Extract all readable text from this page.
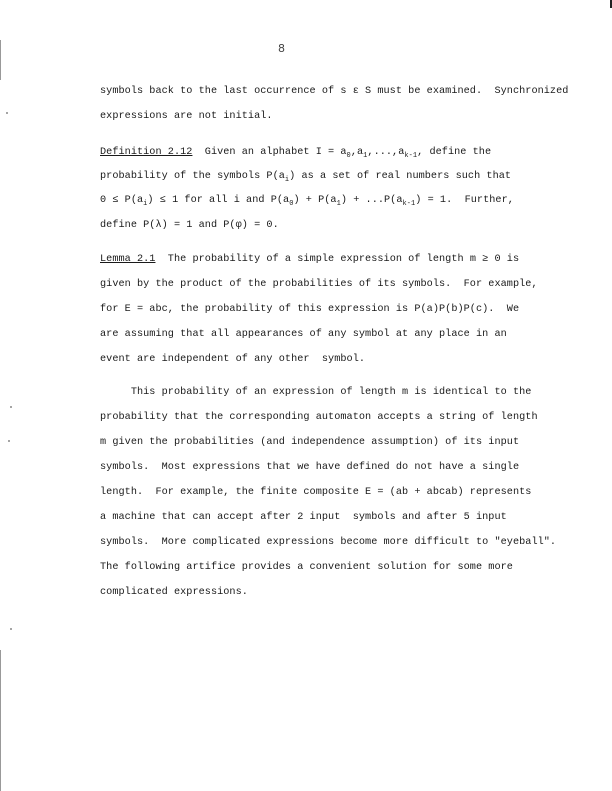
8
symbols back to the last occurrence of s ε S must be examined.  Synchronized
expressions are not initial.
Definition 2.12  Given an alphabet $I = a_0,a_1,...,a_{k-1}$, define the
probability of the symbols $P(a_i)$ as a set of real numbers such that
$0 \le P(a_i) \le 1$ for all i and $P(a_0) + P(a_1) + ...P(a_{k-1}) = 1$.  Further,
define P(λ) = 1 and P(φ) = 0.
Lemma 2.1  The probability of a simple expression of length m ≥ 0 is
given by the product of the probabilities of its symbols.  For example,
for E = abc, the probability of this expression is P(a)P(b)P(c).  We
are assuming that all appearances of any symbol at any place in an
event are independent of any other  symbol.
This probability of an expression of length m is identical to the
probability that the corresponding automaton accepts a string of length
m given the probabilities (and independence assumption) of its input
symbols.  Most expressions that we have defined do not have a single
length.  For example, the finite composite E = (ab + abcab) represents
a machine that can accept after 2 input  symbols and after 5 input
symbols.  More complicated expressions become more difficult to "eyeball".
The following artifice provides a convenient solution for some more
complicated expressions.
